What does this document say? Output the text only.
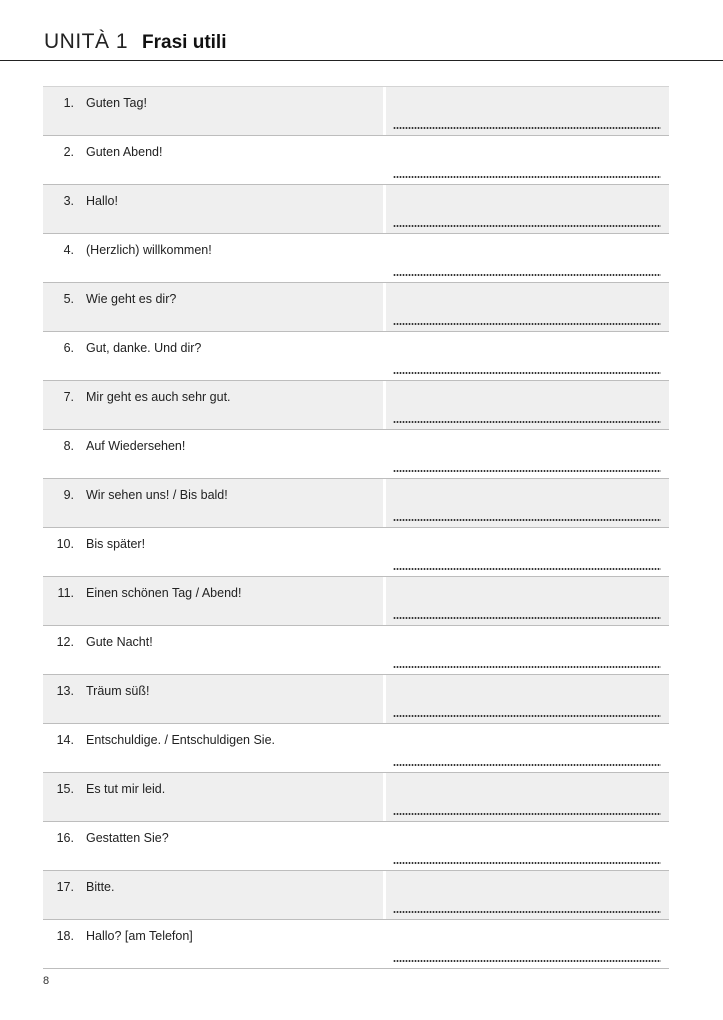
UNITÀ 1 Frasi utili
1. Guten Tag!
2. Guten Abend!
3. Hallo!
4. (Herzlich) willkommen!
5. Wie geht es dir?
6. Gut, danke. Und dir?
7. Mir geht es auch sehr gut.
8. Auf Wiedersehen!
9. Wir sehen uns! / Bis bald!
10. Bis später!
11. Einen schönen Tag / Abend!
12. Gute Nacht!
13. Träum süß!
14. Entschuldige. / Entschuldigen Sie.
15. Es tut mir leid.
16. Gestatten Sie?
17. Bitte.
18. Hallo? [am Telefon]
8
